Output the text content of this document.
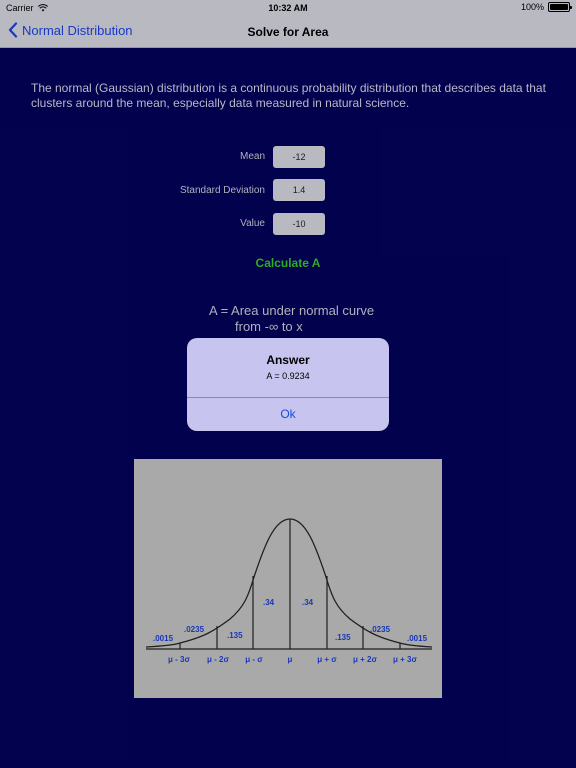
Carrier	10:32 AM	100%
Normal Distribution	Solve for Area
The normal (Gaussian) distribution is a continuous probability distribution that describes data that clusters around the mean, especially data measured in natural science.
Mean
-12
Standard Deviation
1.4
Value
-10
Calculate A
A = Area under normal curve
from -∞ to x
.0015
.0235
.135
.34	.34
.135
.0235
.0015
μ - 3σ μ - 2σ μ - σ	μ	μ + σ μ + 2σ μ + 3σ
Answer
A = 0.9234
Ok
